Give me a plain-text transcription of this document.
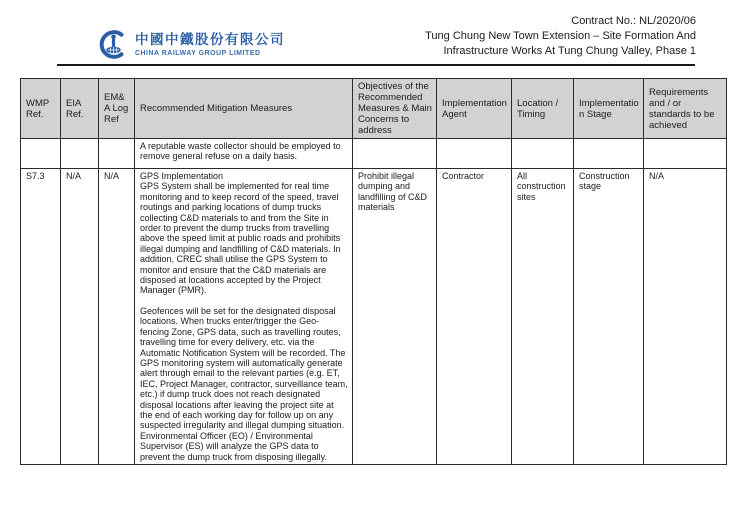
中國中鐵股份有限公司
CHINA RAILWAY GROUP LIMITED
Contract No.: NL/2020/06
Tung Chung New Town Extension – Site Formation And
Infrastructure Works At Tung Chung Valley, Phase 1
WMP Ref.	EIA Ref.	EM&A Log Ref	Recommended Mitigation Measures	Objectives of the Recommended Measures & Main Concerns to address	Implementation Agent	Location / Timing	Implementation Stage	Requirements and / or standards to be achieved
			A reputable waste collector should be employed to remove general refuse on a daily basis.					
S7.3	N/A	N/A	GPS Implementation
GPS System shall be implemented for real time monitoring and to keep record of the speed, travel routings and parking locations of dump trucks collecting C&D materials to and from the Site in order to prevent the dump trucks from travelling above the speed limit at public roads and prohibits illegal dumping and landfilling of C&D materials. In addition, CREC shall utilise the GPS System to monitor and ensure that the C&D materials are disposed at locations accepted by the Project Manager (PMR).
Geofences will be set for the designated disposal locations. When trucks enter/trigger the Geo-fencing Zone, GPS data, such as travelling routes, travelling time for every delivery, etc. via the Automatic Notification System will be recorded. The GPS monitoring system will automatically generate alert through email to the relevant parties (e.g. ET, IEC, Project Manager, contractor, surveillance team, etc.) if dump truck does not reach designated disposal locations after leaving the project site at the end of each working day for follow up on any suspected irregularity and illegal dumping situation. Environmental Officer (EO) / Environmental Supervisor (ES) will analyze the GPS data to prevent the dump truck from disposing illegally.	Prohibit illegal dumping and landfilling of C&D materials	Contractor	All construction sites	Construction stage	N/A
